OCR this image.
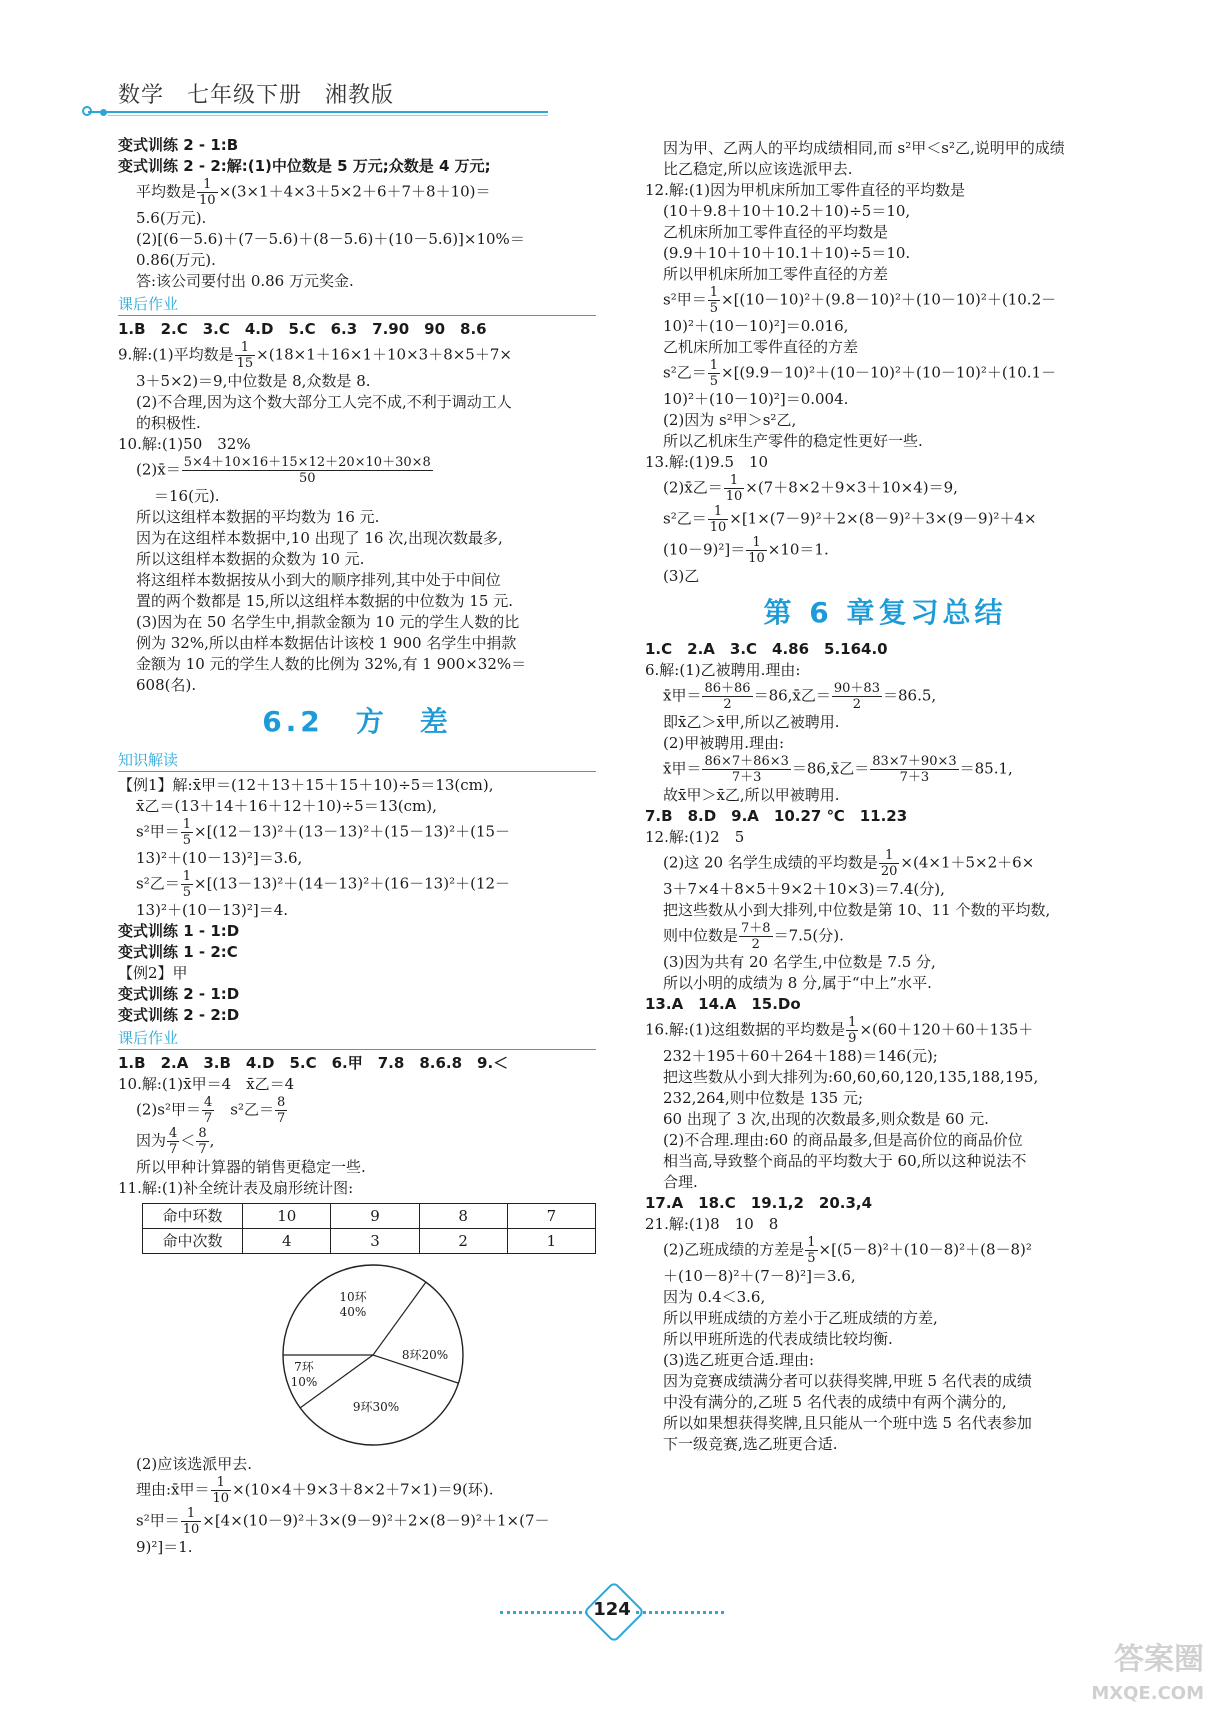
数学　七年级下册　湘教版

变式训练 2 - 1:B

变式训练 2 - 2:解:(1)中位数是 5 万元;众数是 4 万元;

平均数是 $\frac{1}{10} \times(3\times 1+4\times 3+5\times 2+6+7+8+10)=$

5.6(万元).

(2)[(6－5.6)＋(7－5.6)＋(8－5.6)＋(10－5.6)]×10%＝

0.86(万元).

答:该公司要付出 0.86 万元奖金.

课后作业

1.B　2.C　3.C　4.D　5.C　6.3　7.90　90　8.6

9.解:(1)平均数是 $\frac{1}{15} \times(18\times 1+16\times 1+10\times 3+8\times 5+7\times$

3＋5×2)＝9,中位数是 8,众数是 8.

(2)不合理,因为这个数大部分工人完不成,不利于调动工人

的积极性.

10.解:(1)50　32%

(2)x̄＝ $\frac{5\times 4+10\times 16+15\times 12+20\times 10+30\times 8}{50}$

＝16(元).

所以这组样本数据的平均数为 16 元.

因为在这组样本数据中,10 出现了 16 次,出现次数最多,

所以这组样本数据的众数为 10 元.

将这组样本数据按从小到大的顺序排列,其中处于中间位

置的两个数都是 15,所以这组样本数据的中位数为 15 元.

(3)因为在 50 名学生中,捐款金额为 10 元的学生人数的比

例为 32%,所以由样本数据估计该校 1 900 名学生中捐款

金额为 10 元的学生人数的比例为 32%,有 1 900×32%＝

608(名).

6.2　方　差
知识解读

【例1】解:x̄甲＝(12＋13＋15＋15＋10)÷5＝13(cm),

x̄乙＝(13＋14＋16＋12＋10)÷5＝13(cm),

s²甲＝ $\frac{1}{5} \times[(12-13)^2+(13-13)^2+(15-13)^2+(15-$

13)²＋(10－13)²]＝3.6,

s²乙＝ $\frac{1}{5} \times[(13-13)^2+(14-13)^2+(16-13)^2+(12-$

13)²＋(10－13)²]＝4.

变式训练 1 - 1:D

变式训练 1 - 2:C

【例2】甲

变式训练 2 - 1:D

变式训练 2 - 2:D

课后作业

1.B　2.A　3.B　4.D　5.C　6.甲　7.8　8.6.8　9.＜

10.解:(1)x̄甲＝4　x̄乙＝4

(2)s²甲＝ $\frac{4}{7}$ 　s²乙＝ $\frac{8}{7}$

因为 $\frac{4}{7} < \frac{8}{7}$ ,

所以甲种计算器的销售更稳定一些.

11.解:(1)补全统计表及扇形统计图:

命中环数	10	9	8	7
命中次数	4	3	2	1
10环
40%
8环20%
7环
10%
9环30%

(2)应该选派甲去.

理由:x̄甲＝ $\frac{1}{10} \times(10\times 4+9\times 3+8\times 2+7\times 1)=9$(环).

s²甲＝ $\frac{1}{10} \times[4\times(10-9)^2+3\times(9-9)^2+2\times(8-9)^2+1\times(7-$

9)²]＝1.

因为甲、乙两人的平均成绩相同,而 s²甲＜s²乙,说明甲的成绩

比乙稳定,所以应该选派甲去.

12.解:(1)因为甲机床所加工零件直径的平均数是

(10＋9.8＋10＋10.2＋10)÷5＝10,

乙机床所加工零件直径的平均数是

(9.9＋10＋10＋10.1＋10)÷5＝10.

所以甲机床所加工零件直径的方差

s²甲＝ $\frac{1}{5} \times[(10-10)^2+(9.8-10)^2+(10-10)^2+(10.2-$

10)²＋(10－10)²]＝0.016,

乙机床所加工零件直径的方差

s²乙＝ $\frac{1}{5} \times[(9.9-10)^2+(10-10)^2+(10-10)^2+(10.1-$

10)²＋(10－10)²]＝0.004.

(2)因为 s²甲＞s²乙,

所以乙机床生产零件的稳定性更好一些.

13.解:(1)9.5　10

(2)x̄乙＝ $\frac{1}{10} \times(7+8\times 2+9\times 3+10\times 4)=9$,

s²乙＝ $\frac{1}{10} \times[1\times(7-9)^2+2\times(8-9)^2+3\times(9-9)^2+4\times$

$(10-9)^2]= \frac{1}{10} \times 10=1$.

(3)乙

第 6 章复习总结

1.C　2.A　3.C　4.86　5.164.0

6.解:(1)乙被聘用.理由:

x̄甲＝ $\frac{86+86}{2}$ ＝86,x̄乙＝ $\frac{90+83}{2} =86.5$,

即x̄乙＞x̄甲,所以乙被聘用.

(2)甲被聘用.理由:

x̄甲＝ $\frac{86\times 7+86\times 3}{7+3}$ ＝86,x̄乙＝ $\frac{83\times 7+90\times 3}{7+3} =85.1$,

故x̄甲＞x̄乙,所以甲被聘用.

7.B　8.D　9.A　10.27 ℃　11.23

12.解:(1)2　5

(2)这 20 名学生成绩的平均数是 $\frac{1}{20} \times(4\times 1+5\times 2+6\times$

3＋7×4＋8×5＋9×2＋10×3)＝7.4(分),

把这些数从小到大排列,中位数是第 10、11 个数的平均数,

则中位数是 $\frac{7+8}{2} =7.5$(分).

(3)因为共有 20 名学生,中位数是 7.5 分,

所以小明的成绩为 8 分,属于“中上”水平.

13.A　14.A　15.Do

16.解:(1)这组数据的平均数是 $\frac{1}{9} \times(60+120+60+135+$

232＋195＋60＋264＋188)＝146(元);

把这些数从小到大排列为:60,60,60,120,135,188,195,

232,264,则中位数是 135 元;

60 出现了 3 次,出现的次数最多,则众数是 60 元.

(2)不合理.理由:60 的商品最多,但是高价位的商品价位

相当高,导致整个商品的平均数大于 60,所以这种说法不

合理.

17.A　18.C　19.1,2　20.3,4

21.解:(1)8　10　8

(2)乙班成绩的方差是 $\frac{1}{5} \times[(5-8)^2+(10-8)^2+(8-8)^2$

＋(10－8)²＋(7－8)²]＝3.6,

因为 0.4＜3.6,

所以甲班成绩的方差小于乙班成绩的方差,

所以甲班所选的代表成绩比较均衡.

(3)选乙班更合适.理由:

因为竞赛成绩满分者可以获得奖牌,甲班 5 名代表的成绩

中没有满分的,乙班 5 名代表的成绩中有两个满分的,

所以如果想获得奖牌,且只能从一个班中选 5 名代表参加

下一级竞赛,选乙班更合适.

124
答案圈
MXQE.COM
